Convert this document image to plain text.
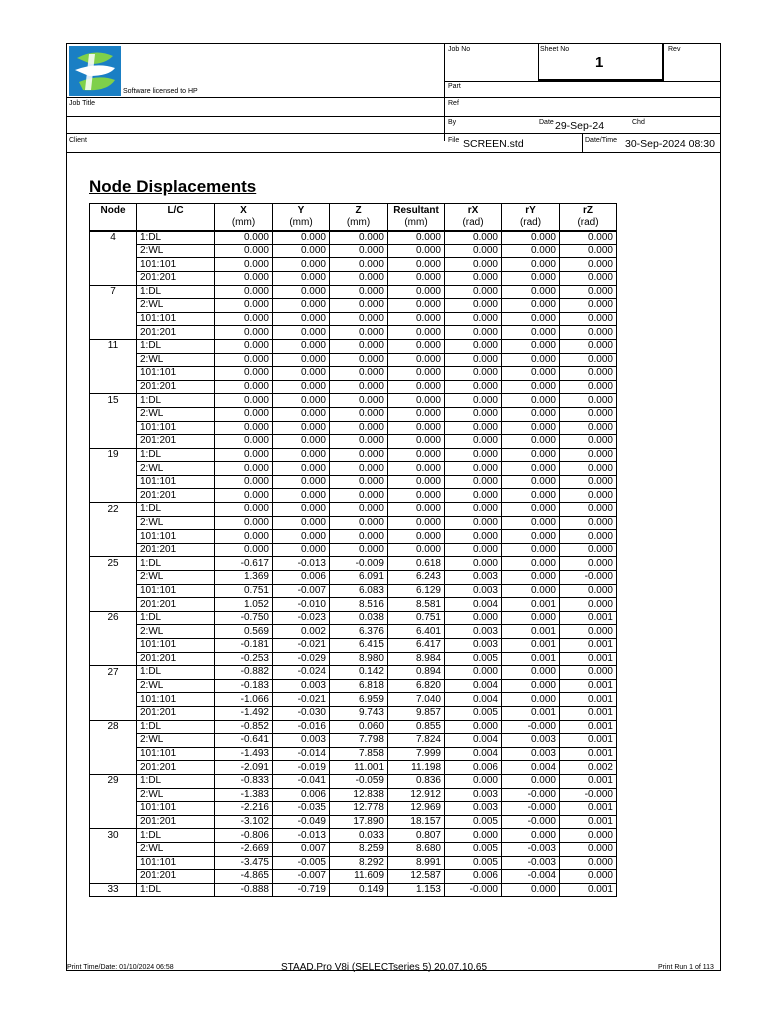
Software licensed to HP
Job No	Sheet No
1
Rev
Part
Job Title	Ref
By	Date 29-Sep-24	Chd
Client	File SCREEN.std	Date/Time 30-Sep-2024 08:30
Node Displacements
Node	L/C	X	Y	Z	Resultant	rX	rY	rZ
		(mm)	(mm)	(mm)	(mm)	(rad)	(rad)	(rad)
4	1:DL	0.000	0.000	0.000	0.000	0.000	0.000	0.000
	2:WL	0.000	0.000	0.000	0.000	0.000	0.000	0.000
	101:101	0.000	0.000	0.000	0.000	0.000	0.000	0.000
	201:201	0.000	0.000	0.000	0.000	0.000	0.000	0.000
7	1:DL	0.000	0.000	0.000	0.000	0.000	0.000	0.000
	2:WL	0.000	0.000	0.000	0.000	0.000	0.000	0.000
	101:101	0.000	0.000	0.000	0.000	0.000	0.000	0.000
	201:201	0.000	0.000	0.000	0.000	0.000	0.000	0.000
11	1:DL	0.000	0.000	0.000	0.000	0.000	0.000	0.000
	2:WL	0.000	0.000	0.000	0.000	0.000	0.000	0.000
	101:101	0.000	0.000	0.000	0.000	0.000	0.000	0.000
	201:201	0.000	0.000	0.000	0.000	0.000	0.000	0.000
15	1:DL	0.000	0.000	0.000	0.000	0.000	0.000	0.000
	2:WL	0.000	0.000	0.000	0.000	0.000	0.000	0.000
	101:101	0.000	0.000	0.000	0.000	0.000	0.000	0.000
	201:201	0.000	0.000	0.000	0.000	0.000	0.000	0.000
19	1:DL	0.000	0.000	0.000	0.000	0.000	0.000	0.000
	2:WL	0.000	0.000	0.000	0.000	0.000	0.000	0.000
	101:101	0.000	0.000	0.000	0.000	0.000	0.000	0.000
	201:201	0.000	0.000	0.000	0.000	0.000	0.000	0.000
22	1:DL	0.000	0.000	0.000	0.000	0.000	0.000	0.000
	2:WL	0.000	0.000	0.000	0.000	0.000	0.000	0.000
	101:101	0.000	0.000	0.000	0.000	0.000	0.000	0.000
	201:201	0.000	0.000	0.000	0.000	0.000	0.000	0.000
25	1:DL	-0.617	-0.013	-0.009	0.618	0.000	0.000	0.000
	2:WL	1.369	0.006	6.091	6.243	0.003	0.000	-0.000
	101:101	0.751	-0.007	6.083	6.129	0.003	0.000	0.000
	201:201	1.052	-0.010	8.516	8.581	0.004	0.001	0.000
26	1:DL	-0.750	-0.023	0.038	0.751	0.000	0.000	0.001
	2:WL	0.569	0.002	6.376	6.401	0.003	0.001	0.000
	101:101	-0.181	-0.021	6.415	6.417	0.003	0.001	0.001
	201:201	-0.253	-0.029	8.980	8.984	0.005	0.001	0.001
27	1:DL	-0.882	-0.024	0.142	0.894	0.000	0.000	0.000
	2:WL	-0.183	0.003	6.818	6.820	0.004	0.000	0.001
	101:101	-1.066	-0.021	6.959	7.040	0.004	0.000	0.001
	201:201	-1.492	-0.030	9.743	9.857	0.005	0.001	0.001
28	1:DL	-0.852	-0.016	0.060	0.855	0.000	-0.000	0.001
	2:WL	-0.641	0.003	7.798	7.824	0.004	0.003	0.001
	101:101	-1.493	-0.014	7.858	7.999	0.004	0.003	0.001
	201:201	-2.091	-0.019	11.001	11.198	0.006	0.004	0.002
29	1:DL	-0.833	-0.041	-0.059	0.836	0.000	0.000	0.001
	2:WL	-1.383	0.006	12.838	12.912	0.003	-0.000	-0.000
	101:101	-2.216	-0.035	12.778	12.969	0.003	-0.000	0.001
	201:201	-3.102	-0.049	17.890	18.157	0.005	-0.000	0.001
30	1:DL	-0.806	-0.013	0.033	0.807	0.000	0.000	0.000
	2:WL	-2.669	0.007	8.259	8.680	0.005	-0.003	0.000
	101:101	-3.475	-0.005	8.292	8.991	0.005	-0.003	0.000
	201:201	-4.865	-0.007	11.609	12.587	0.006	-0.004	0.000
33	1:DL	-0.888	-0.719	0.149	1.153	-0.000	0.000	0.001
Print Time/Date: 01/10/2024 06:58	STAAD.Pro V8i (SELECTseries 5) 20.07.10.65	Print Run 1 of 113
